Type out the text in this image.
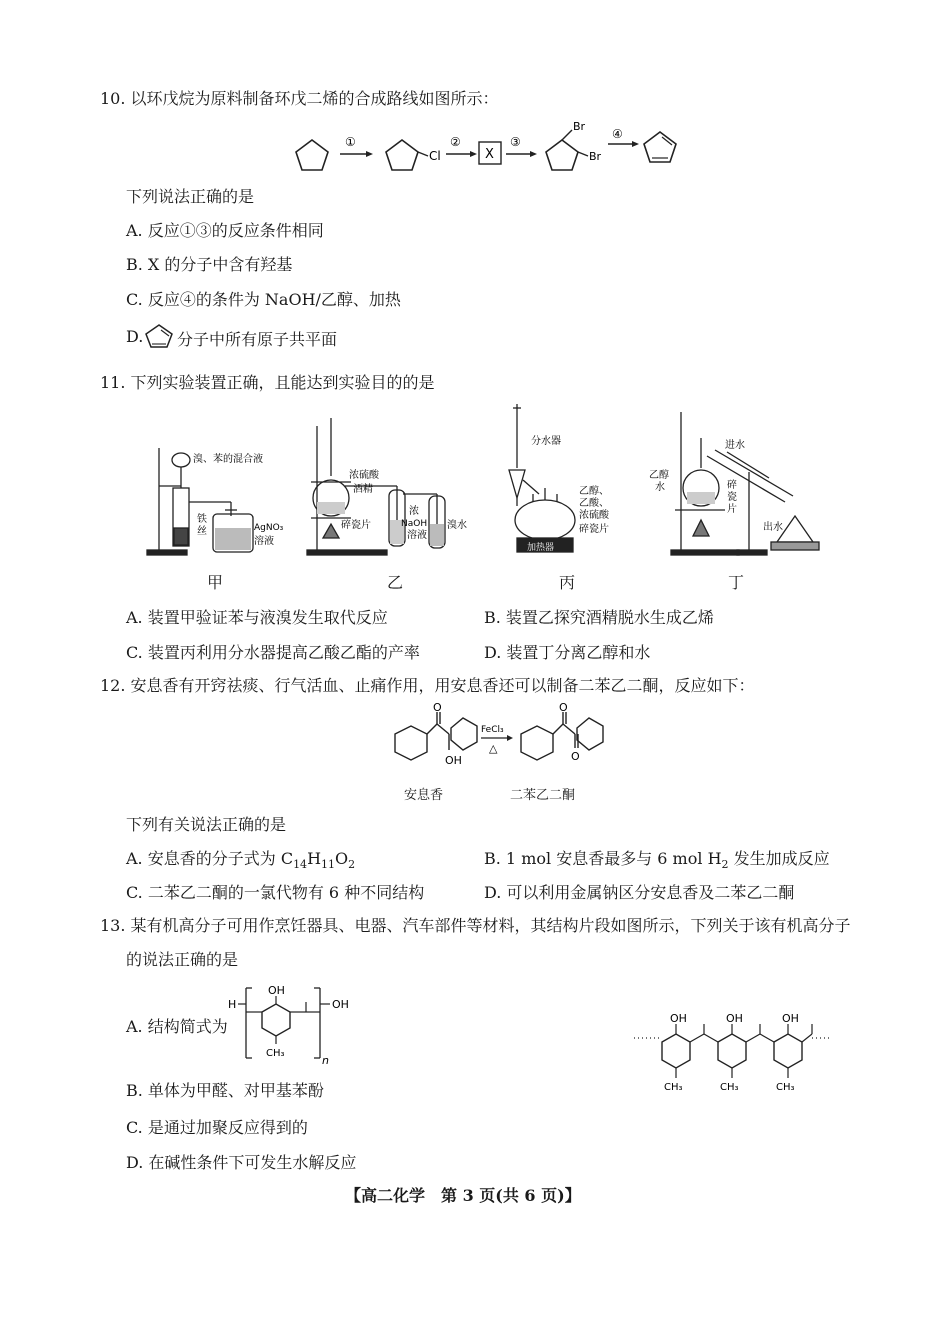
10. 以环戊烷为原料制备环戊二烯的合成路线如图所示：
①
Cl
②
X
③
Br
Br
④
下列说法正确的是
A. 反应①③的反应条件相同
B. X 的分子中含有羟基
C. 反应④的条件为 NaOH/乙醇、加热
D. 分子中所有原子共平面
11. 下列实验装置正确，且能达到实验目的的是
溴、苯的混合液
铁
丝	AgNO₃
溶液
浓硫酸
酒精
碎瓷片
浓
NaOH
溶液
溴水
分水器
乙醇、
乙酸、
浓硫酸
碎瓷片
加热器
进水
乙醇
水	碎
瓷
片
出水
甲	乙	丙	丁
A. 装置甲验证苯与液溴发生取代反应	B. 装置乙探究酒精脱水生成乙烯
C. 装置丙利用分水器提高乙酸乙酯的产率	D. 装置丁分离乙醇和水
12. 安息香有开窍祛痰、行气活血、止痛作用，用安息香还可以制备二苯乙二酮，反应如下：
O
OH
FeCl₃
△
O
O
安息香	二苯乙二酮
下列有关说法正确的是
A. 安息香的分子式为 $C_{14}H_{11}O_2$	B. 1 mol 安息香最多与 6 mol $H_2$ 发生加成反应
C. 二苯乙二酮的一氯代物有 6 种不同结构	D. 可以利用金属钠区分安息香及二苯乙二酮
13. 某有机高分子可用作烹饪器具、电器、汽车部件等材料，其结构片段如图所示，下列关于该有机高分子
的说法正确的是
A. 结构简式为
H
OH
CH₃
n
OH
OH
CH₃
OH
CH₃
OH
CH₃
B. 单体为甲醛、对甲基苯酚
C. 是通过加聚反应得到的
D. 在碱性条件下可发生水解反应
【高二化学　第 3 页(共 6 页)】
